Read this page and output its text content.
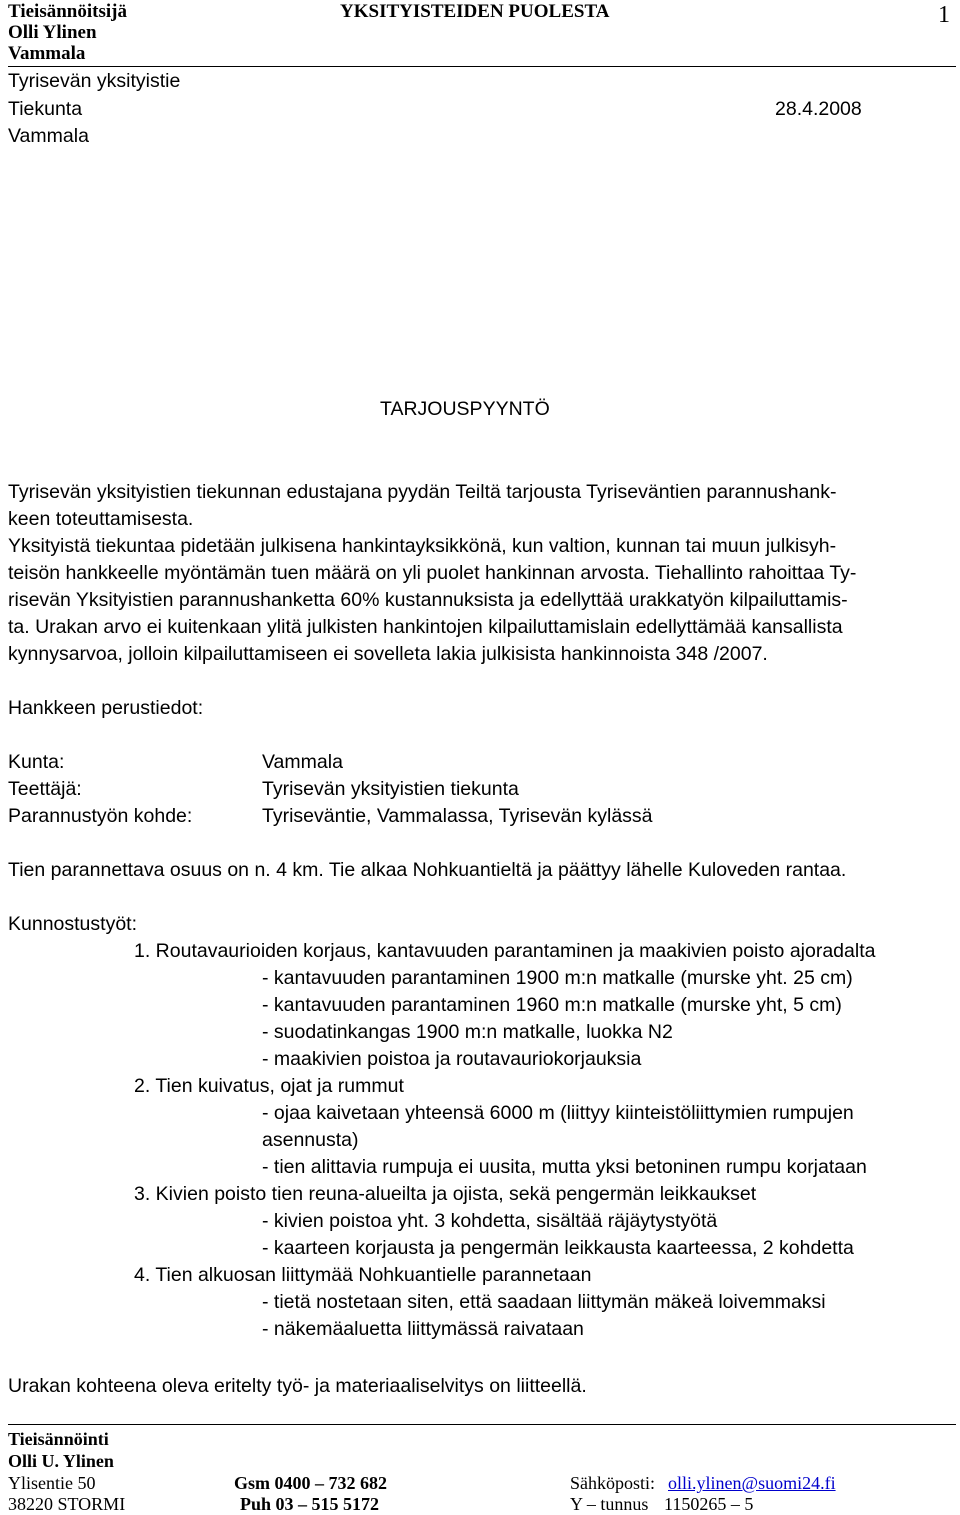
Tieisännöitsijä
Olli Ylinen
Vammala
YKSITYISTEIDEN PUOLESTA	1
Tyrisevän yksityistie
Tiekunta	28.4.2008
Vammala
TARJOUSPYYNTÖ
Tyrisevän yksityistien tiekunnan edustajana pyydän Teiltä tarjousta Tyriseväntien parannushank-
keen toteuttamisesta.
Yksityistä tiekuntaa pidetään julkisena hankintayksikkönä, kun valtion, kunnan tai muun julkisyh-
teisön hankkeelle myöntämän tuen määrä on yli puolet hankinnan arvosta. Tiehallinto rahoittaa Ty-
risevän Yksityistien parannushanketta 60% kustannuksista ja edellyttää urakkatyön kilpailuttamis-
ta. Urakan arvo ei kuitenkaan ylitä julkisten hankintojen kilpailuttamislain edellyttämää kansallista
kynnysarvoa, jolloin kilpailuttamiseen ei sovelleta lakia julkisista hankinnoista 348 /2007.
Hankkeen perustiedot:
Kunta:	Vammala
Teettäjä:	Tyrisevän yksityistien tiekunta
Parannustyön kohde:	Tyriseväntie, Vammalassa, Tyrisevän kylässä
Tien parannettava osuus on n. 4 km. Tie alkaa Nohkuantieltä ja päättyy lähelle Kuloveden rantaa.
Kunnostustyöt:
1. Routavaurioiden korjaus, kantavuuden parantaminen ja maakivien poisto ajoradalta
- kantavuuden parantaminen 1900 m:n matkalle (murske yht. 25 cm)
- kantavuuden parantaminen 1960 m:n matkalle (murske yht, 5 cm)
- suodatinkangas 1900 m:n matkalle, luokka N2
- maakivien poistoa ja routavauriokorjauksia
2. Tien kuivatus, ojat ja rummut
- ojaa kaivetaan yhteensä 6000 m (liittyy kiinteistöliittymien rumpujen
asennusta)
- tien alittavia rumpuja ei uusita, mutta yksi betoninen rumpu korjataan
3. Kivien poisto tien reuna-alueilta ja ojista, sekä pengermän leikkaukset
- kivien poistoa yht. 3 kohdetta, sisältää räjäytystyötä
- kaarteen korjausta ja pengermän leikkausta kaarteessa, 2 kohdetta
4. Tien alkuosan liittymää Nohkuantielle parannetaan
- tietä nostetaan siten, että saadaan liittymän mäkeä loivemmaksi
- näkemäaluetta liittymässä raivataan
Urakan kohteena oleva eritelty työ- ja materiaaliselvitys on liitteellä.
Tieisännöinti
Olli U. Ylinen
Ylisentie 50
38220 STORMI
Gsm 0400 – 732 682
Puh 03 – 515 5172
Sähköposti: olli.ylinen@suomi24.fi
Y – tunnus 1150265 – 5
